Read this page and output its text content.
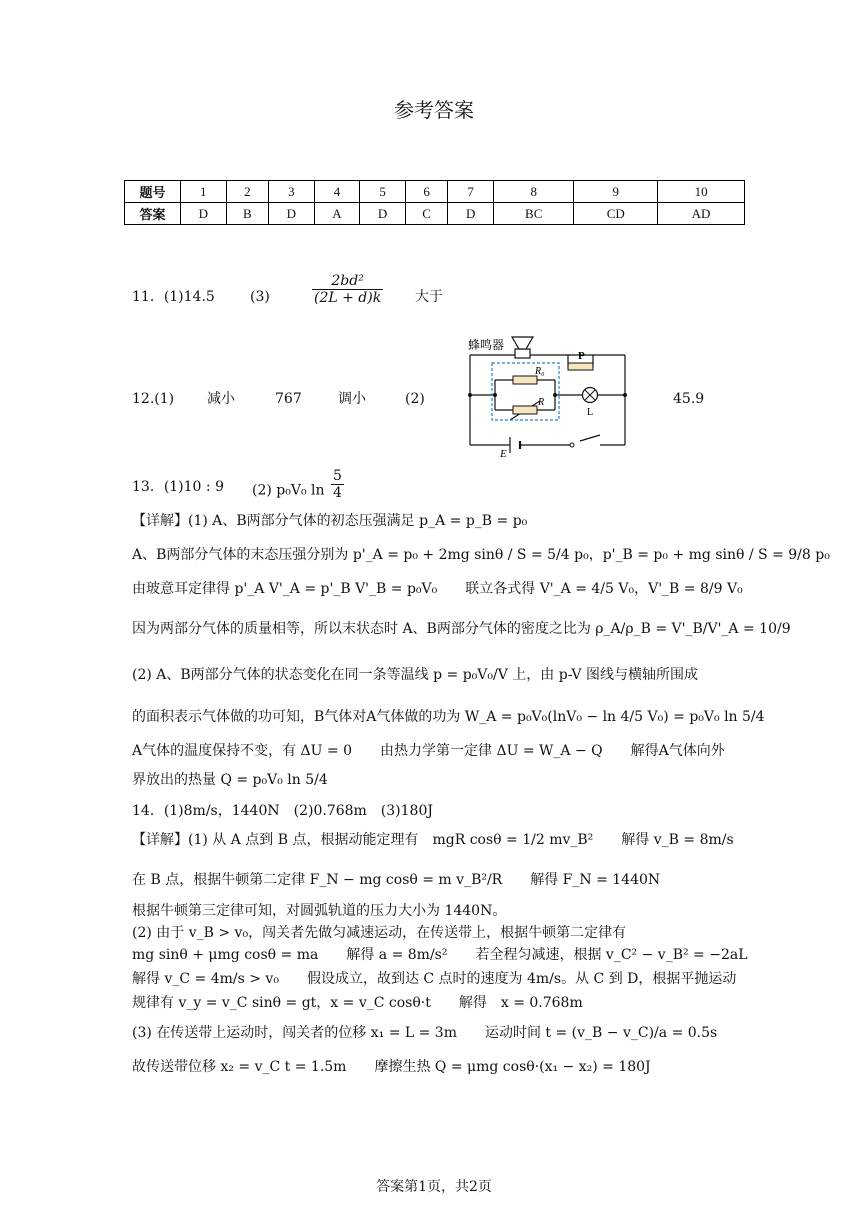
参考答案
题号	1	2	3	4	5	6	7	8	9	10
答案	D	B	D	A	D	C	D	BC	CD	AD
11．(1)14.5	(3)	$\frac{\text{2bd²}}{(2L + d)k}$ 大于
12.(1) 减小	767	调小	(2)	45.9
蜂鸣器
P
R₀
R
L
E
13．(1)10 : 9 (2) p₀V₀ $\ln \frac{5}{4}$
【详解】(1) A、B两部分气体的初态压强满足 p_A = p_B = p₀
A、B两部分气体的末态压强分别为 p'_A = p₀ + 2mg sinθ / S = 5/4 p₀，p'_B = p₀ + mg sinθ / S = 9/8 p₀
由玻意耳定律得 p'_A V'_A = p'_B V'_B = p₀V₀　　联立各式得 V'_A = 4/5 V₀，V'_B = 8/9 V₀
因为两部分气体的质量相等，所以末状态时 A、B两部分气体的密度之比为 ρ_A/ρ_B = V'_B/V'_A = 10/9
(2) A、B两部分气体的状态变化在同一条等温线 p = p₀V₀/V 上，由 p-V 图线与横轴所围成
的面积表示气体做的功可知，B气体对A气体做的功为 W_A = p₀V₀(lnV₀ − ln 4/5 V₀) = p₀V₀ ln 5/4
A气体的温度保持不变，有 ΔU = 0　　由热力学第一定律 ΔU = W_A − Q　　解得A气体向外
界放出的热量 Q = p₀V₀ ln 5/4
14．(1)8m/s，1440N　(2)0.768m　(3)180J
【详解】(1) 从 A 点到 B 点，根据动能定理有　mgR cosθ = 1/2 mv_B²　　解得 v_B = 8m/s
在 B 点，根据牛顿第二定律 F_N − mg cosθ = m v_B²/R　　解得 F_N = 1440N
根据牛顿第三定律可知，对圆弧轨道的压力大小为 1440N。
(2) 由于 v_B > v₀，闯关者先做匀减速运动，在传送带上，根据牛顿第二定律有
mg sinθ + μmg cosθ = ma　　解得 a = 8m/s²　　若全程匀减速，根据 v_C² − v_B² = −2aL
解得 v_C = 4m/s > v₀　　假设成立，故到达 C 点时的速度为 4m/s。从 C 到 D，根据平抛运动
规律有 v_y = v_C sinθ = gt，x = v_C cosθ·t　　解得　x = 0.768m
(3) 在传送带上运动时，闯关者的位移 x₁ = L = 3m　　运动时间 t = (v_B − v_C)/a = 0.5s
故传送带位移 x₂ = v_C t = 1.5m　　摩擦生热 Q = μmg cosθ·(x₁ − x₂) = 180J
答案第1页，共2页
